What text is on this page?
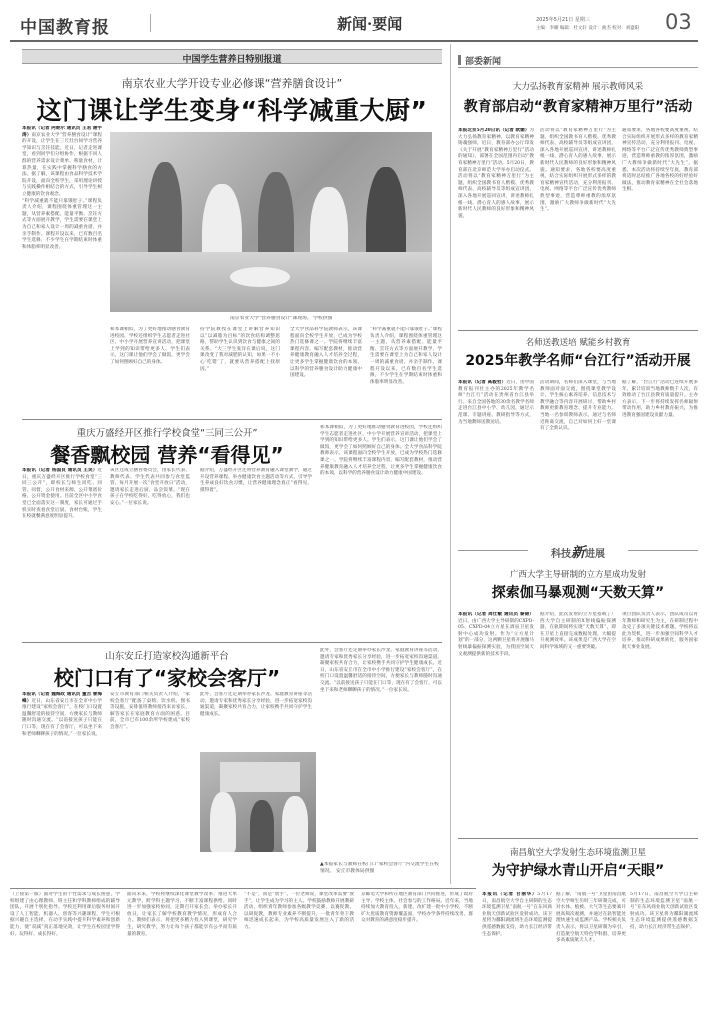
中国教育报	新闻·要闻	2025年5月21日 星期三
主编：李曜 编辑：杜文轩 设计：曲杰 校对：刘盛阳 03
中国学生营养日特别报道
南京农业大学开设专业必修课“营养膳食设计”
这门课让学生变身“科学减重大厨”
本报讯（记者 阿妮尔 通讯员 王君 谢宇涛）南京农业大学“营养膳食设计”课程的开设，让学生在三尺灶台间学习营养学知识与烹饪技能。近日，记者走进课堂，看到同学们分组协作，根据不同人群的营养需求设计菜单、称量食材、计算热量，在实践中掌握科学膳食的方法。据了解，该课程由食品科学技术学院开设，面向全校学生，采用理论讲授与实践操作相结合的方式，引导学生树立健康的饮食观念。
“科学减重就不能只靠饿肚子。”课程负责人介绍，课程围绕体重管理这一主题，从营养素搭配、能量平衡、烹饪方式等方面展开教学，学生需要在课堂上为自己和家人设计一周的减重食谱，并亲手制作。课程开设以来，已有数百名学生选修，不少学生在学期结束时体重和体脂率明显改善。
南京农业大学“营养膳食设计”课现场。 学校供图
和本课相似，为了更好地推动膳食教育进校园，学校还组织学生志愿者走进社区、中小学开展营养宣讲活动，把课堂上学到的知识带给更多人。学生们表示，这门课让他们学会了做饭，更学会了如何照顾好自己的身体。
持学院教授在课堂上讲解营养知识以“以减脂为目标”的饮食结构调整思路，帮助学生认识到饮食与健康之间的关系。“大三学生张洋在课后说，这门课改变了我对减肥的认知，如果一不小心‘吃错’了，就要从营养搭配上找原因。”
全大学食品科学院教师表示，该课程面向全校学生开放，已成为学校热门选修课之一。学院将继续丰富课程内容，编写配套教材，推动营养健康教育融入人才培养全过程，让更多学生掌握健康饮食的本领，以科学的营养膳食设计助力健康中国建设。
“科学减重就不能只靠饿肚子。”课程负责人介绍，课程围绕体重管理这一主题，从营养素搭配、能量平衡、烹饪方式等方面展开教学，学生需要在课堂上为自己和家人设计一周的减重食谱，并亲手制作。课程开设以来，已有数百名学生选修，不少学生在学期结束时体重和体脂率明显改善。
重庆万盛经开区推行学校食堂“三同三公开”
餐香飘校园 营养“看得见”
本报讯（记者 杨国良 通讯员 王吴）近日，重庆万盛经开区推行学校食堂“三同三公开”，即校长与师生同吃、同管、同督，公开食材来源、公开菜谱价格、公开资金使用。目前全区中小学食堂已全面落实这一制度，家长可通过手机实时查看食堂后厨、食材台账，学生在校就餐满意度明显提升。
该区还成立膳食委员会，由家长代表、教师代表、学生代表共同参与食堂监管，每月开展一次“食堂开放日”活动，邀请家长走进后厨、品尝饭菜。“现在孩子在学校吃得好、吃得放心，我们也安心。”一位家长说。
据介绍，万盛经开区还将营养教育融入课堂教学，通过开设营养课程、举办健康饮食主题活动等方式，引导学生养成良好饮食习惯，让营养健康理念真正“看得见、摸得着”。
和本课相似，为了更好地推动膳食教育进校园，学校还组织学生志愿者走进社区、中小学开展营养宣讲活动，把课堂上学到的知识带给更多人。学生们表示，这门课让他们学会了做饭，更学会了如何照顾好自己的身体。全大学食品科学院教师表示，该课程面向全校学生开放，已成为学校热门选修课之一。学院将继续丰富课程内容，编写配套教材，推动营养健康教育融入人才培养全过程，让更多学生掌握健康饮食的本领，以科学的营养膳食设计助力健康中国建设。
山东安丘打造家校沟通新平台
校门口有了“家校会客厅”
本报讯（记者 魏海政 通讯员 董吉 曹海峰）近日，山东省安丘市在全市中小学推行建设“家校会客厅”，在校门口设置温馨舒适的接待空间，方便家长与教师随时沟通交流。“以前接送孩子只能在门口等，现在有了会客厅，可以坐下来和老师聊聊孩子的情况。”一位家长说。
安丘市教育部门相关负责人介绍，“家校会客厅”配备了桌椅、饮水机、图书等设施，安排值班教师接待来访家长，解答家长在家庭教育方面的困惑。目前，全市已有100余所学校建成“家校会客厅”。
此外，会客厅还定期举办家长沙龙、家庭教育讲座等活动，邀请专家和优秀家长分享经验，进一步拓宽家校沟通渠道，凝聚家校共育合力，让家校携手共同守护学生健康成长。
此外，会客厅还定期举办家长沙龙、家庭教育讲座等活动，邀请专家和优秀家长分享经验，进一步拓宽家校沟通渠道，凝聚家校共育合力，让家校携手共同守护学生健康成长。近日，山东省安丘市在全市中小学推行建设“家校会客厅”，在校门口设置温馨舒适的接待空间，方便家长与教师随时沟通交流。“以前接送孩子只能在门口等，现在有了会客厅，可以坐下来和老师聊聊孩子的情况。”一位家长说。
▲本报家长与教师在校门口“家校会客厅”内交流学生在校情况。 安丘市教体局供图
（上接第一版）面对学生的个性需求与成长困惑，学校组建了由心理教师、班主任和学科教师组成的辅导团队，开展个别化指导。学校还利用课后服务时间开设了人工智能、机器人、创客等兴趣课程，学生可根据兴趣自主选择，在动手实践中提升科学素养和创新能力，使“双减”真正落地见效，让学生在校园里学得好、玩得好、成长得好。
面向未来，学校将继续深化课堂教学改革，推进大单元教学、跨学科主题学习，不断丰富课程供给。同时进一步加强家校协同，定期召开家长会、举办家长开放日，让家长了解学校教育教学情况，形成育人合力。教师们表示，将把更多精力投入到课堂，研究学生，研究教学，努力让每个孩子都能享有公平而有质量的教育。
“不是”，而是“放手”。一位老师说，课堂改革需要“放手”，让学生成为学习的主人。学校鼓励教师开展教研活动，组织青年教师参加各级教学竞赛，以赛促教、以研促教，教师专业素养不断提升，一批青年骨干教师迅速成长起来，为学校高质量发展注入了新的活力。
京邮电大学和所在地区教育部门共同推进，形成了政府主导、学校主体、社会参与的工作格局。近年来，当地持续加大教育投入，新建、改扩建一批中小学校，不断扩大优质教育资源覆盖面，学校办学条件持续改善，群众对教育的满意度稳步提升。
部委新闻
大力弘扬教育家精神 展示教师风采
教育部启动“教育家精神万里行”活动
本报北京5月20日讯（记者 欧媚）为大力弘扬教育家精神，以教育家精神铸魂强师，近日，教育部办公厅印发《关于开展“教育家精神万里行”活动的通知》，部署在全国范围内启动“教育家精神万里行”活动。5月20日，教育部在北京师范大学举办启动仪式。活动将以“教育家精神万里行”为主题，组织全国教书育人楷模、优秀教师代表、高校辅导员等组成宣讲团，深入各地开展巡回宣讲，讲述教师扎根一线、潜心育人的感人故事，展示新时代人民教师的良好形象和精神风貌。
活动将以“教育家精神万里行”为主题，组织全国教书育人楷模、优秀教师代表、高校辅导员等组成宣讲团，深入各地开展巡回宣讲，讲述教师扎根一线、潜心育人的感人故事，展示新时代人民教师的良好形象和精神风貌。通知要求，各地各校要高度重视，结合实际组织开展形式多样的教育家精神宣传活动，充分利用报刊、电视、网络等平台广泛宣传优秀教师典型事迹，营造尊师重教的浓厚氛围，激励广大教师争做新时代“大先生”。
通知要求，各地各校要高度重视，结合实际组织开展形式多样的教育家精神宣传活动，充分利用报刊、电视、网络等平台广泛宣传优秀教师典型事迹，营造尊师重教的浓厚氛围，激励广大教师争做新时代“大先生”。据悉，本次活动将持续至年底，教育部将适时总结推广各地各校的好经验好做法，推动教育家精神在全社会落地生根。
名师送教送培 赋能乡村教育
2025年教学名师“台江行”活动开展
本报讯（记者 高毅哲）近日，由中国教育报刊社主办的2025年教学名师“台江行”活动在贵州省台江县举行。来自全国各地的30余名教学名师走进台江县中小学、幼儿园，通过示范课、专题讲座、教研指导等方式，为当地教师送教送培。
活动期间，名师们深入课堂，与当地教师面对面交流，围绕课堂教学设计、学生核心素养培养、信息技术与教学融合等内容开展研讨，帮助乡村教师更新教育理念、提升专业能力。当地一名参训教师表示，通过与名师近距离交流，自己对如何上好一堂课有了全新认识。
据了解，“台江行”活动已连续开展多年，累计培训当地教师数千人次，有效推动了台江县教育质量提升。主办方表示，下一步将持续发挥名师辐射带动作用，助力乡村教育振兴，为推进教育强国建设贡献力量。
科技新进展
广西大学主导研制的立方星成功发射
探索伽马暴观测“天数天算”
本报讯（记者 周仕敏 通讯员 黎锦）近日，由广西大学主导研制的CXPD-05、CXPD-04立方星在酒泉卫星发射中心成功发射。作为“立方星计划”的一部分，这两颗卫星将开展伽马射线暴偏振探测实验，为我国空间天文观测提供新的技术手段。
据介绍，此次发射的立方星搭载了广西大学自主研制的X射线偏振探测器，在轨期间将实现“天数天算”，即在卫星上直接完成数据处理，大幅提升观测效率。该成果是广西大学在空间科学领域的又一重要突破。
项目团队负责人表示，团队成员以青年教师和研究生为主，在研制过程中攻克了多项关键技术难题。学校将以此为契机，进一步加强空间科学人才培养，推动科研成果转化，服务国家航天事业发展。
南昌航空大学发射生态环境监测卫星
为守护绿水青山开启“天眼”
本报讯（记者 甘丽华）5月17日，南昌航空大学自主研制的生态环境监测卫星“南航一号”在东风商业航天创新试验区发射成功。该卫星将为鄱阳湖流域生态环境监测提供遥感数据支持，助力长江经济带生态保护。
据了解，“南航一号”卫星由南昌航空大学师生历时三年研制完成，可对水体、植被、大气等生态要素开展高频次观测，并通过在轨智能处理快速生成监测产品。学校相关负责人表示，将以卫星研制为牵引，打造航空航天特色学科群，培养更多高素质航天人才。
5月17日，南昌航空大学自主研制的生态环境监测卫星“南航一号”在东风商业航天创新试验区发射成功。该卫星将为鄱阳湖流域生态环境监测提供遥感数据支持，助力长江经济带生态保护。
